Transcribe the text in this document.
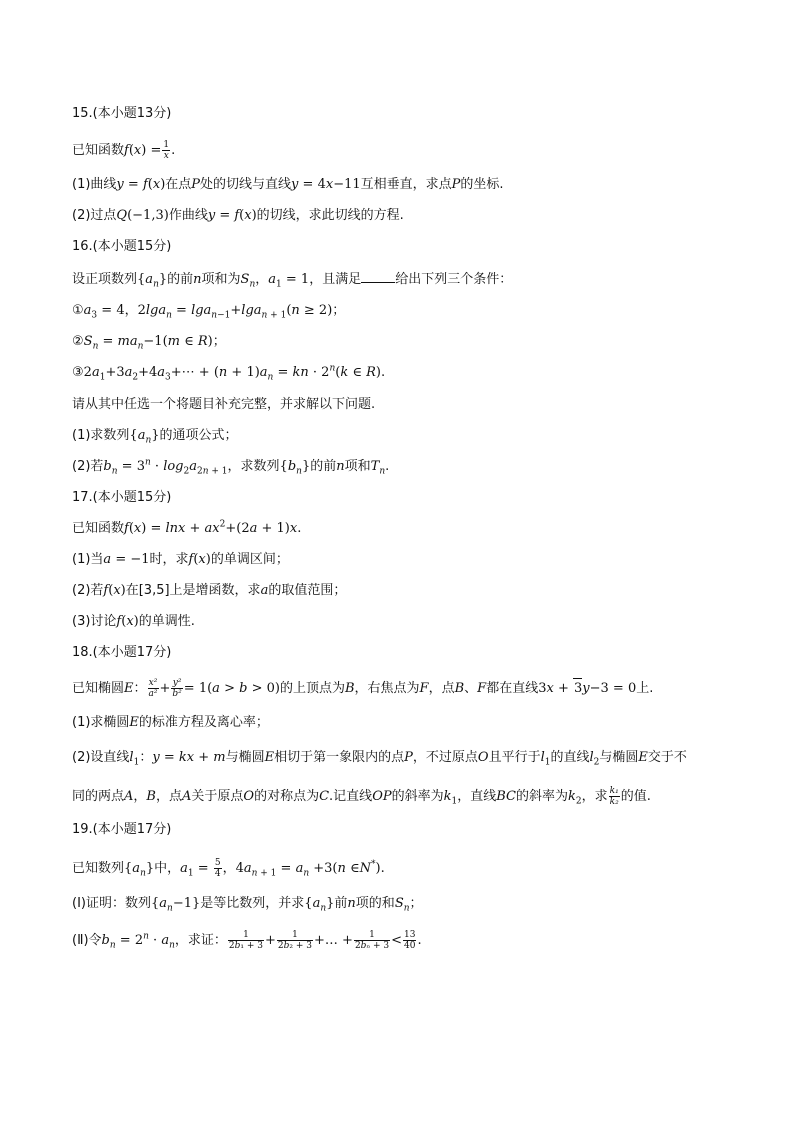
15.(本小题13分)
已知函数$f(x) = \frac{1}{x}$ .
(1)曲线y = f(x)在点P处的切线与直线y = 4x−11互相垂直，求点P的坐标.
(2)过点Q(−1,3)作曲线y = f(x)的切线，求此切线的方程.
16.(本小题15分)
设正项数列$\{a_n\}$的前n项和为$S_n$，$a_1 = 1$，且满足	给出下列三个条件：
$①a_3 = 4$，2lga$_n$ = lga$_{n-1}$+lga$_n$ $_{+ 1}$(n ≥ 2)；
$②S_n = ma_n-1(m$ ∈ R)；
$③2a_1+3a_2+4a_3+\cdots + (n + 1)a_n$ = kn · $2^n(k$ ∈ R).
请从其中任选一个将题目补充完整，并求解以下问题.
(1)求数列$\{a_n\}$的通项公式；
(2)若$b_n = 3^n \cdot \log_2a_{2n}$ $_{+ 1}$，求数列$\{b_n\}$的前n项和$T_n$.
17.(本小题15分)
已知函数$f(x) = \ln x + ax^2+(2a + 1)x$.
(1)当a = −1时，求f(x)的单调区间；
(2)若f(x)在[3,5]上是增函数，求a的取值范围；
(3)讨论f(x)的单调性.
18.(本小题17分)
已知椭圆E： $\frac{\text{x²}}{\text{a²}} + \frac{\text{y²}}{\text{b²}} = 1(a > b > 0)$的上顶点为B，右焦点为F，点B、F都在直线3x + 3y−3 = 0上.
(1)求椭圆E的标准方程及离心率；
(2)设直线$l_1$：y = kx + m与椭圆E相切于第一象限内的点P，不过原点O且平行于$l_1$的直线$l_2$与椭圆E交于不
同的两点A，B，点A关于原点O的对称点为C.记直线OP的斜率为$k_1$，直线BC的斜率为$k_2$，求 $\frac{\text{k₁}}{\text{k₂}}$ 的值.
19.(本小题17分)
已知数列$\{a_n\}$中，$a_1 = \frac{5}{4}$ ，$4a_n$ $_{+ 1} = a_n +3(n$ ∈N*).
(Ⅰ)证明：数列$\{a_n-1\}$是等比数列，并求$\{a_n\}$前n项的和$S_n$；
(Ⅱ)令$b_n = 2^n \cdot a_n$，求证： $\frac{1}{\text{2b₁ + 3}} + \frac{1}{\text{2b₂ + 3}}$ +… + $\frac{1}{\text{2bₙ + 3}} < \frac{13}{40}$ .
